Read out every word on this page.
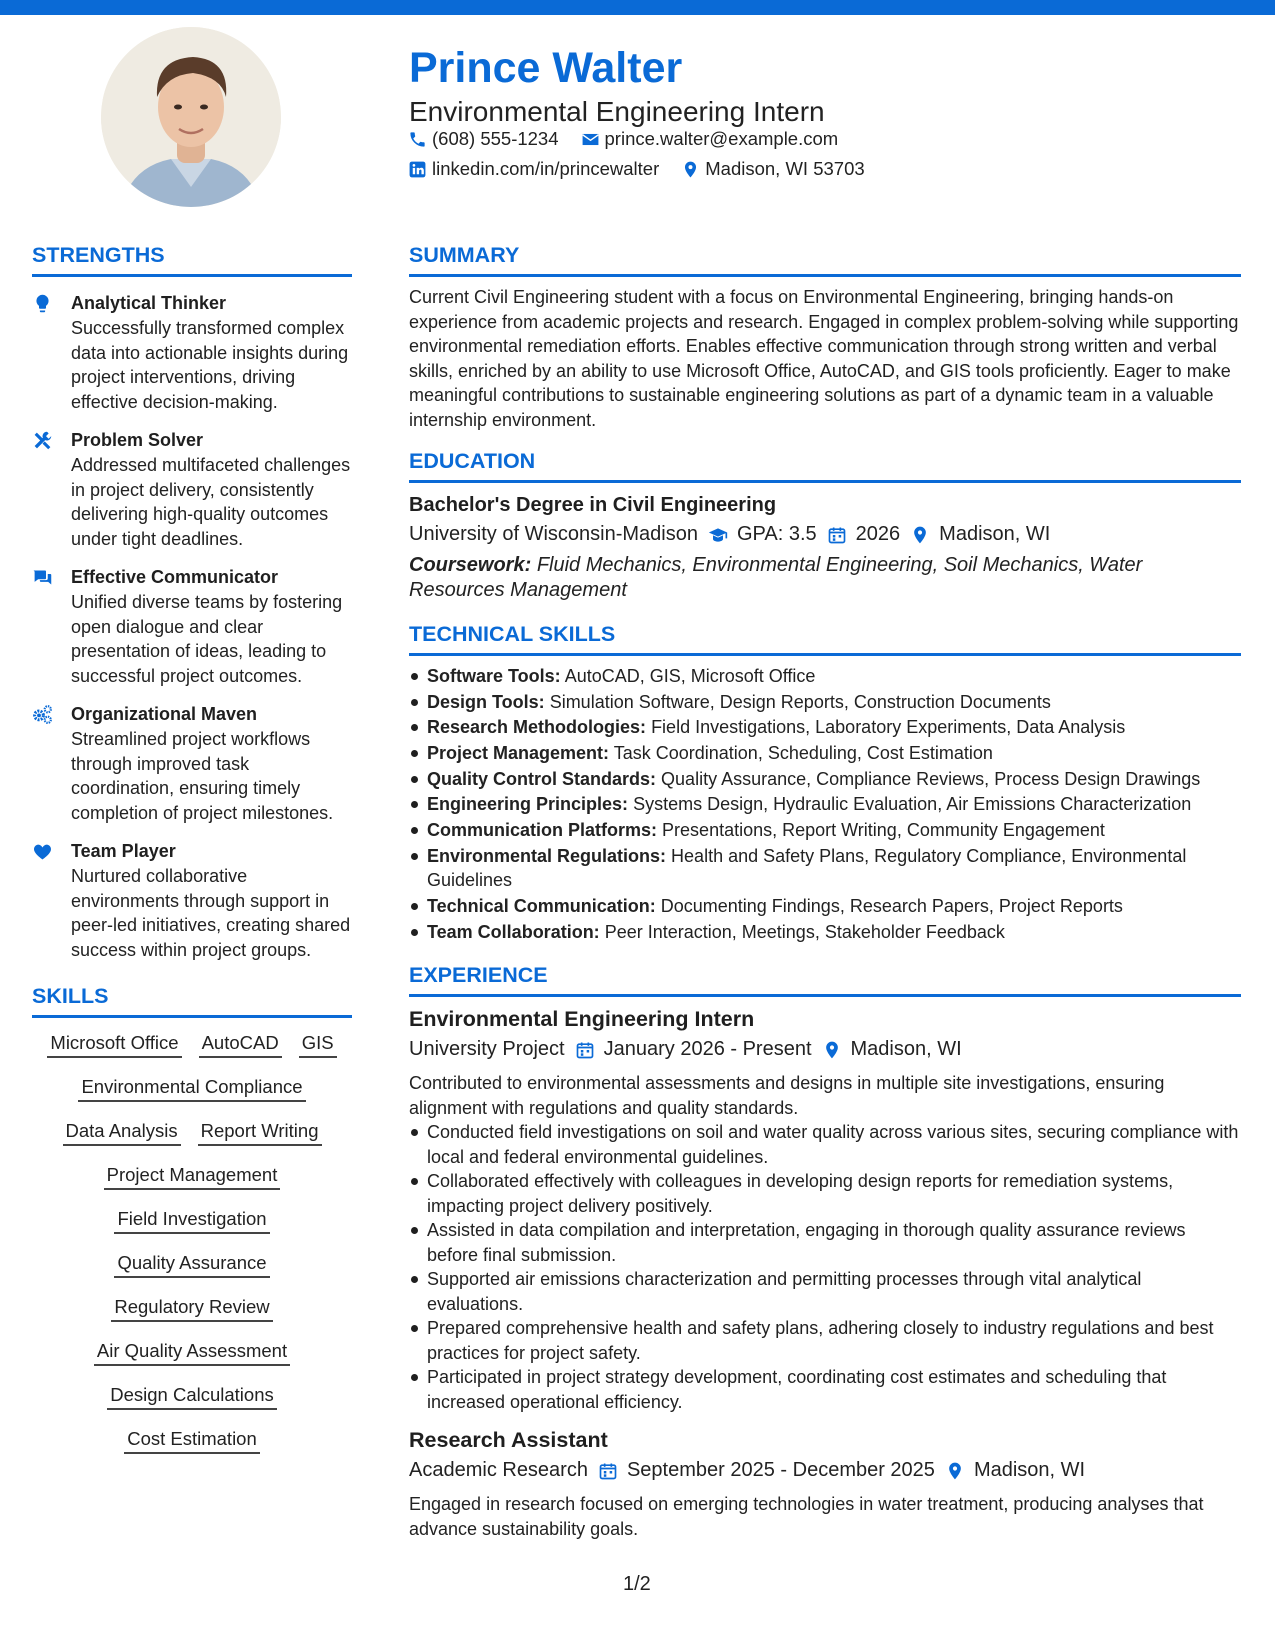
Prince Walter
Environmental Engineering Intern
(608) 555-1234 prince.walter@example.com
linkedin.com/in/princewalter Madison, WI 53703
STRENGTHS
Analytical Thinker
Successfully transformed complex data into actionable insights during project interventions, driving effective decision-making.
Problem Solver
Addressed multifaceted challenges in project delivery, consistently delivering high-quality outcomes under tight deadlines.
Effective Communicator
Unified diverse teams by fostering open dialogue and clear presentation of ideas, leading to successful project outcomes.
Organizational Maven
Streamlined project workflows through improved task coordination, ensuring timely completion of project milestones.
Team Player
Nurtured collaborative environments through support in peer-led initiatives, creating shared success within project groups.
SKILLS
Microsoft Office AutoCAD GIS
Environmental Compliance
Data Analysis Report Writing
Project Management
Field Investigation
Quality Assurance
Regulatory Review
Air Quality Assessment
Design Calculations
Cost Estimation
SUMMARY
Current Civil Engineering student with a focus on Environmental Engineering, bringing hands-on experience from academic projects and research. Engaged in complex problem-solving while supporting environmental remediation efforts. Enables effective communication through strong written and verbal skills, enriched by an ability to use Microsoft Office, AutoCAD, and GIS tools proficiently. Eager to make meaningful contributions to sustainable engineering solutions as part of a dynamic team in a valuable internship environment.
EDUCATION
Bachelor's Degree in Civil Engineering
University of Wisconsin-Madison GPA: 3.5 2026 Madison, WI
Coursework: Fluid Mechanics, Environmental Engineering, Soil Mechanics, Water Resources Management
TECHNICAL SKILLS
Software Tools: AutoCAD, GIS, Microsoft Office
Design Tools: Simulation Software, Design Reports, Construction Documents
Research Methodologies: Field Investigations, Laboratory Experiments, Data Analysis
Project Management: Task Coordination, Scheduling, Cost Estimation
Quality Control Standards: Quality Assurance, Compliance Reviews, Process Design Drawings
Engineering Principles: Systems Design, Hydraulic Evaluation, Air Emissions Characterization
Communication Platforms: Presentations, Report Writing, Community Engagement
Environmental Regulations: Health and Safety Plans, Regulatory Compliance, Environmental Guidelines
Technical Communication: Documenting Findings, Research Papers, Project Reports
Team Collaboration: Peer Interaction, Meetings, Stakeholder Feedback
EXPERIENCE
Environmental Engineering Intern
University Project January 2026 - Present Madison, WI
Contributed to environmental assessments and designs in multiple site investigations, ensuring alignment with regulations and quality standards.
Conducted field investigations on soil and water quality across various sites, securing compliance with local and federal environmental guidelines.
Collaborated effectively with colleagues in developing design reports for remediation systems, impacting project delivery positively.
Assisted in data compilation and interpretation, engaging in thorough quality assurance reviews before final submission.
Supported air emissions characterization and permitting processes through vital analytical evaluations.
Prepared comprehensive health and safety plans, adhering closely to industry regulations and best practices for project safety.
Participated in project strategy development, coordinating cost estimates and scheduling that increased operational efficiency.
Research Assistant
Academic Research September 2025 - December 2025 Madison, WI
Engaged in research focused on emerging technologies in water treatment, producing analyses that advance sustainability goals.
1/2
